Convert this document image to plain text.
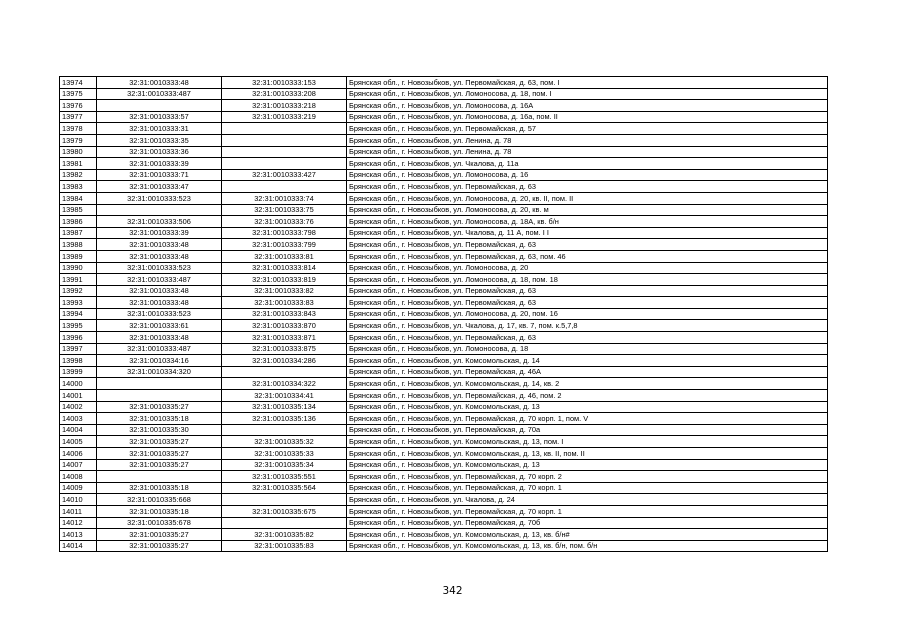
13974	32:31:0010333:48	32:31:0010333:153	Брянская обл., г. Новозыбков, ул. Первомайская, д. 63, пом. I
13975	32:31:0010333:487	32:31:0010333:208	Брянская обл., г. Новозыбков, ул. Ломоносова, д. 18, пом. I
13976		32:31:0010333:218	Брянская обл., г. Новозыбков, ул. Ломоносова, д. 16А
13977	32:31:0010333:57	32:31:0010333:219	Брянская обл., г. Новозыбков, ул. Ломоносова, д. 16а, пом. II
13978	32:31:0010333:31		Брянская обл., г. Новозыбков, ул. Первомайская, д. 57
13979	32:31:0010333:35		Брянская обл., г. Новозыбков, ул. Ленина, д. 78
13980	32:31:0010333:36		Брянская обл., г. Новозыбков, ул. Ленина, д. 78
13981	32:31:0010333:39		Брянская обл., г. Новозыбков, ул. Чкалова, д. 11а
13982	32:31:0010333:71	32:31:0010333:427	Брянская обл., г. Новозыбков, ул. Ломоносова, д. 16
13983	32:31:0010333:47		Брянская обл., г. Новозыбков, ул. Первомайская, д. 63
13984	32:31:0010333:523	32:31:0010333:74	Брянская обл., г. Новозыбков, ул. Ломоносова, д. 20, кв. II, пом. II
13985		32:31:0010333:75	Брянская обл., г. Новозыбков, ул. Ломоносова, д. 20, кв. м
13986	32:31:0010333:506	32:31:0010333:76	Брянская обл., г. Новозыбков, ул. Ломоносова, д. 18А, кв. б/н
13987	32:31:0010333:39	32:31:0010333:798	Брянская обл., г. Новозыбков, ул. Чкалова, д. 11 А, пом. I I
13988	32:31:0010333:48	32:31:0010333:799	Брянская обл., г. Новозыбков, ул. Первомайская, д. 63
13989	32:31:0010333:48	32:31:0010333:81	Брянская обл., г. Новозыбков, ул. Первомайская, д. 63, пом. 46
13990	32:31:0010333:523	32:31:0010333:814	Брянская обл., г. Новозыбков, ул. Ломоносова, д. 20
13991	32:31:0010333:487	32:31:0010333:819	Брянская обл., г. Новозыбков, ул. Ломоносова, д. 18, пом. 18
13992	32:31:0010333:48	32:31:0010333:82	Брянская обл., г. Новозыбков, ул. Первомайская, д. 63
13993	32:31:0010333:48	32:31:0010333:83	Брянская обл., г. Новозыбков, ул. Первомайская, д. 63
13994	32:31:0010333:523	32:31:0010333:843	Брянская обл., г. Новозыбков, ул. Ломоносова, д. 20, пом. 16
13995	32:31:0010333:61	32:31:0010333:870	Брянская обл., г. Новозыбков, ул. Чкалова, д. 17, кв. 7, пом. к.5,7,8
13996	32:31:0010333:48	32:31:0010333:871	Брянская обл., г. Новозыбков, ул. Первомайская, д. 63
13997	32:31:0010333:487	32:31:0010333:875	Брянская обл., г. Новозыбков, ул. Ломоносова, д. 18
13998	32:31:0010334:16	32:31:0010334:286	Брянская обл., г. Новозыбков, ул. Комсомольская, д. 14
13999	32:31:0010334:320		Брянская обл., г. Новозыбков, ул. Первомайская, д. 46А
14000		32:31:0010334:322	Брянская обл., г. Новозыбков, ул. Комсомольская, д. 14, кв. 2
14001		32:31:0010334:41	Брянская обл., г. Новозыбков, ул. Первомайская, д. 46, пом. 2
14002	32:31:0010335:27	32:31:0010335:134	Брянская обл., г. Новозыбков, ул. Комсомольская, д. 13
14003	32:31:0010335:18	32:31:0010335:136	Брянская обл., г. Новозыбков, ул. Первомайская, д. 70 корп. 1, пом. V
14004	32:31:0010335:30		Брянская обл., г. Новозыбков, ул. Первомайская, д. 70а
14005	32:31:0010335:27	32:31:0010335:32	Брянская обл., г. Новозыбков, ул. Комсомольская, д. 13, пом. I
14006	32:31:0010335:27	32:31:0010335:33	Брянская обл., г. Новозыбков, ул. Комсомольская, д. 13, кв. II, пом. II
14007	32:31:0010335:27	32:31:0010335:34	Брянская обл., г. Новозыбков, ул. Комсомольская, д. 13
14008		32:31:0010335:551	Брянская обл., г. Новозыбков, ул. Первомайская, д. 70 корп. 2
14009	32:31:0010335:18	32:31:0010335:564	Брянская обл., г. Новозыбков, ул. Первомайская, д. 70 корп. 1
14010	32:31:0010335:668		Брянская обл., г. Новозыбков, ул. Чкалова, д. 24
14011	32:31:0010335:18	32:31:0010335:675	Брянская обл., г. Новозыбков, ул. Первомайская, д. 70 корп. 1
14012	32:31:0010335:678		Брянская обл., г. Новозыбков, ул. Первомайская, д. 70б
14013	32:31:0010335:27	32:31:0010335:82	Брянская обл., г. Новозыбков, ул. Комсомольская, д. 13, кв. б/н#
14014	32:31:0010335:27	32:31:0010335:83	Брянская обл., г. Новозыбков, ул. Комсомольская, д. 13, кв. б/н, пом. б/н
342
